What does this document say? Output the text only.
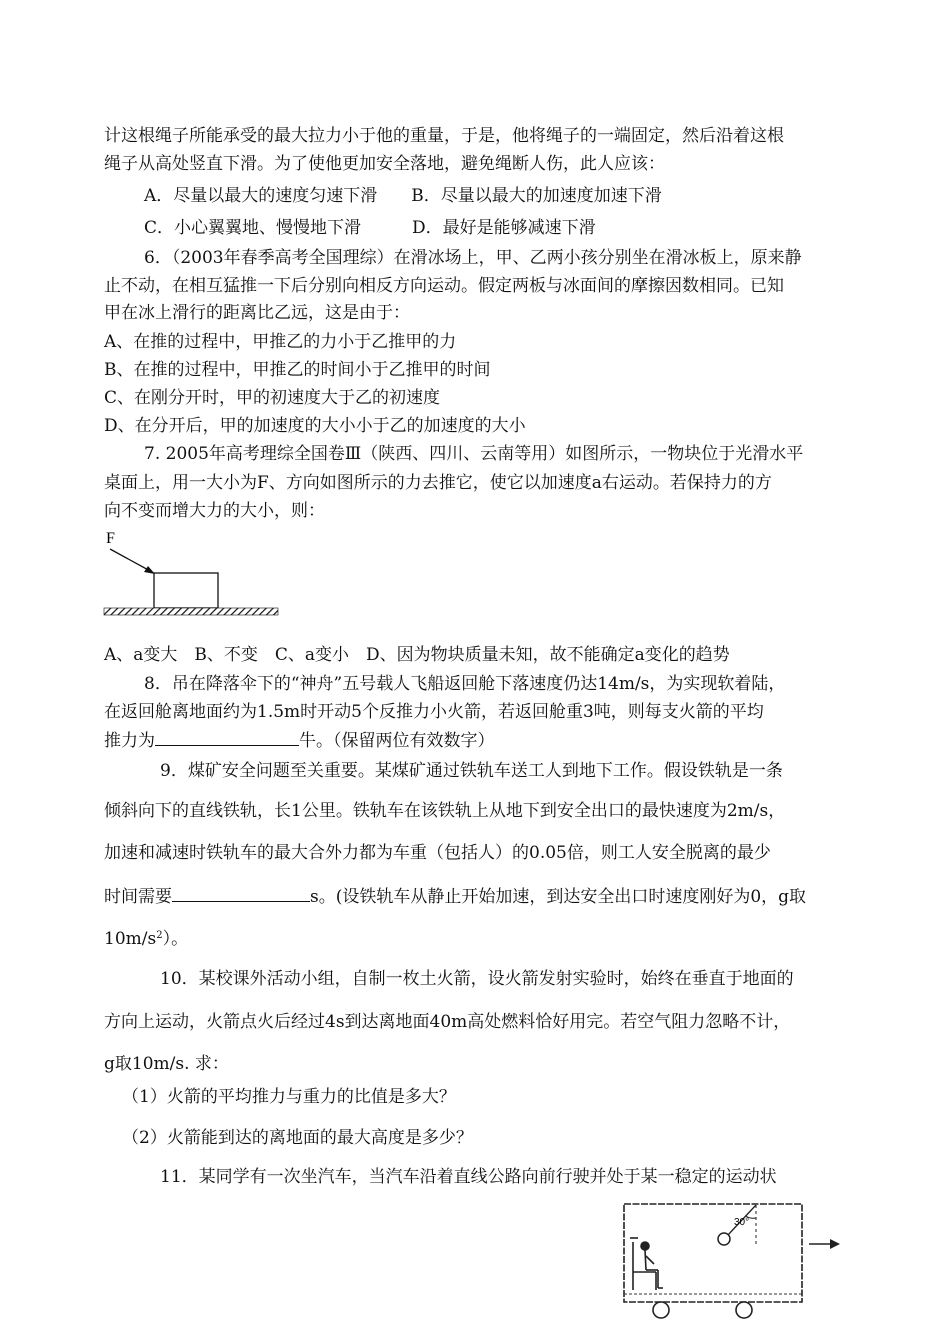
计这根绳子所能承受的最大拉力小于他的重量，于是，他将绳子的一端固定，然后沿着这根
绳子从高处竖直下滑。为了使他更加安全落地，避免绳断人伤，此人应该：
A．尽量以最大的速度匀速下滑　　B．尽量以最大的加速度加速下滑
C．小心翼翼地、慢慢地下滑　　　D．最好是能够减速下滑
6．（2003年春季高考全国理综）在滑冰场上，甲、乙两小孩分别坐在滑冰板上，原来静
止不动，在相互猛推一下后分别向相反方向运动。假定两板与冰面间的摩擦因数相同。已知
甲在冰上滑行的距离比乙远，这是由于：
A、在推的过程中，甲推乙的力小于乙推甲的力
B、在推的过程中，甲推乙的时间小于乙推甲的时间
C、在刚分开时，甲的初速度大于乙的初速度
D、在分开后，甲的加速度的大小小于乙的加速度的大小
7. 2005年高考理综全国卷Ⅲ（陕西、四川、云南等用）如图所示，一物块位于光滑水平
桌面上，用一大小为F、方向如图所示的力去推它，使它以加速度a右运动。若保持力的方
向不变而增大力的大小，则：
F
A、a变大　B、不变　C、a变小　D、因为物块质量未知，故不能确定a变化的趋势
8．吊在降落伞下的“神舟”五号载人飞船返回舱下落速度仍达14m/s，为实现软着陆，
在返回舱离地面约为1.5m时开动5个反推力小火箭，若返回舱重3吨，则每支火箭的平均
推力为	牛。（保留两位有效数字）
9．煤矿安全问题至关重要。某煤矿通过铁轨车送工人到地下工作。假设铁轨是一条
倾斜向下的直线铁轨，长1公里。铁轨车在该铁轨上从地下到安全出口的最快速度为2m/s，
加速和减速时铁轨车的最大合外力都为车重（包括人）的0.05倍，则工人安全脱离的最少
时间需要	s。(设铁轨车从静止开始加速，到达安全出口时速度刚好为0，g取
$10m/s^2$）。
10．某校课外活动小组，自制一枚土火箭，设火箭发射实验时，始终在垂直于地面的
方向上运动，火箭点火后经过4s到达离地面40m高处燃料恰好用完。若空气阻力忽略不计，
g取10m/s. 求：
（1）火箭的平均推力与重力的比值是多大？
（2）火箭能到达的离地面的最大高度是多少？
11．某同学有一次坐汽车，当汽车沿着直线公路向前行驶并处于某一稳定的运动状
30°
